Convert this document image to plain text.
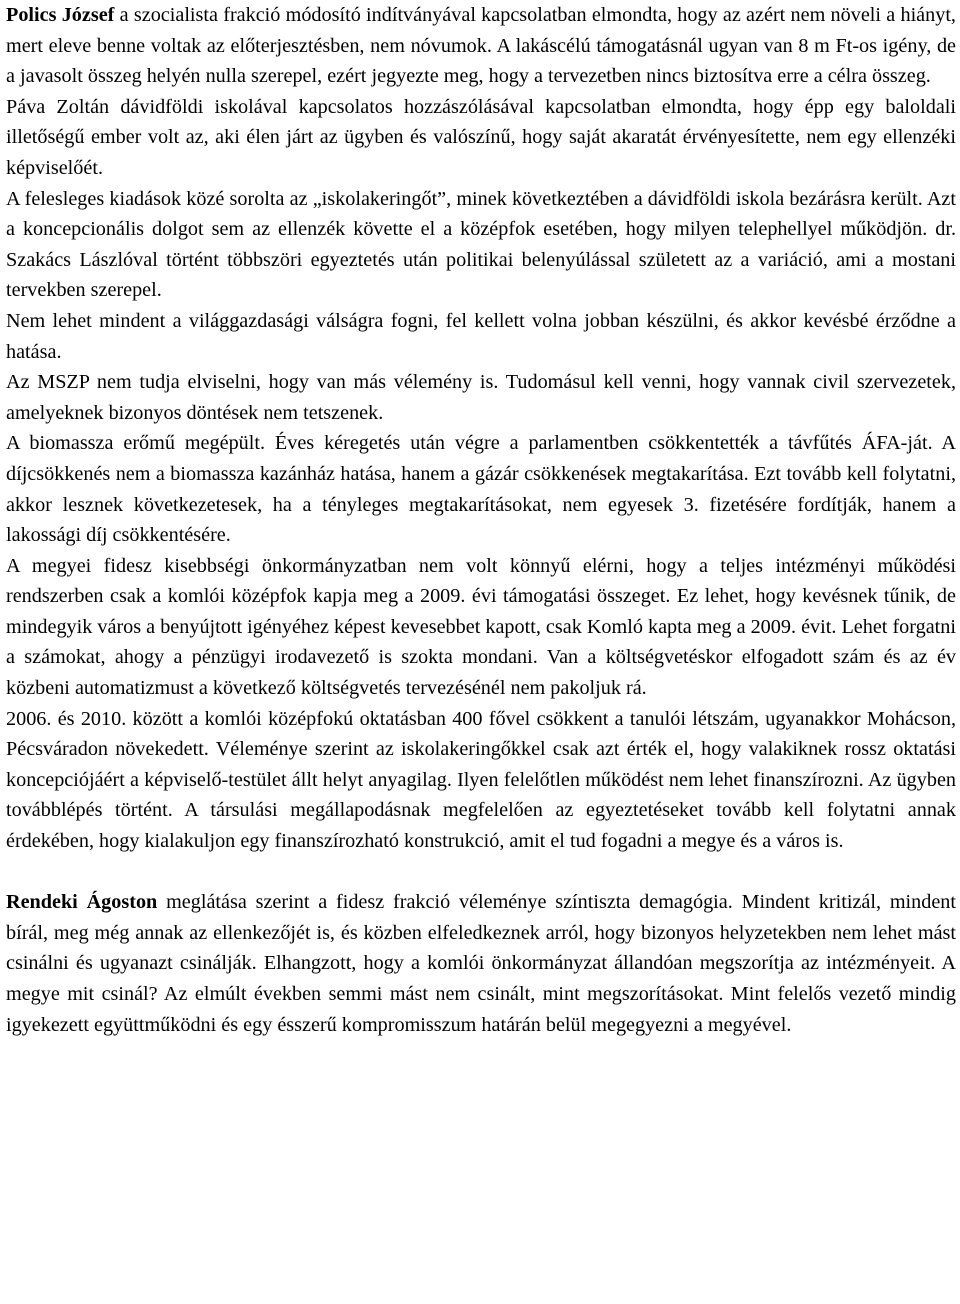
Polics József a szocialista frakció módosító indítványával kapcsolatban elmondta, hogy az azért nem növeli a hiányt, mert eleve benne voltak az előterjesztésben, nem nóvumok. A lakáscélú támogatásnál ugyan van 8 m Ft-os igény, de a javasolt összeg helyén nulla szerepel, ezért jegyezte meg, hogy a tervezetben nincs biztosítva erre a célra összeg.

Páva Zoltán dávidföldi iskolával kapcsolatos hozzászólásával kapcsolatban elmondta, hogy épp egy baloldali illetőségű ember volt az, aki élen járt az ügyben és valószínű, hogy saját akaratát érvényesítette, nem egy ellenzéki képviselőét.

A felesleges kiadások közé sorolta az „iskolakeringőt”, minek következtében a dávidföldi iskola bezárásra került. Azt a koncepcionális dolgot sem az ellenzék követte el a középfok esetében, hogy milyen telephellyel működjön. dr. Szakács Lászlóval történt többszöri egyeztetés után politikai belenyúlással született az a variáció, ami a mostani tervekben szerepel.

Nem lehet mindent a világgazdasági válságra fogni, fel kellett volna jobban készülni, és akkor kevésbé érződne a hatása.

Az MSZP nem tudja elviselni, hogy van más vélemény is. Tudomásul kell venni, hogy vannak civil szervezetek, amelyeknek bizonyos döntések nem tetszenek.

A biomassza erőmű megépült. Éves kéregetés után végre a parlamentben csökkentették a távfűtés ÁFA-ját. A díjcsökkenés nem a biomassza kazánház hatása, hanem a gázár csökkenések megtakarítása. Ezt tovább kell folytatni, akkor lesznek következetesek, ha a tényleges megtakarításokat, nem egyesek 3. fizetésére fordítják, hanem a lakossági díj csökkentésére.

A megyei fidesz kisebbségi önkormányzatban nem volt könnyű elérni, hogy a teljes intézményi működési rendszerben csak a komlói középfok kapja meg a 2009. évi támogatási összeget. Ez lehet, hogy kevésnek tűnik, de mindegyik város a benyújtott igényéhez képest kevesebbet kapott, csak Komló kapta meg a 2009. évit. Lehet forgatni a számokat, ahogy a pénzügyi irodavezető is szokta mondani. Van a költségvetéskor elfogadott szám és az év közbeni automatizmust a következő költségvetés tervezésénél nem pakoljuk rá.

2006. és 2010. között a komlói középfokú oktatásban 400 fővel csökkent a tanulói létszám, ugyanakkor Mohácson, Pécsváradon növekedett. Véleménye szerint az iskolakeringőkkel csak azt érték el, hogy valakiknek rossz oktatási koncepciójáért a képviselő-testület állt helyt anyagilag. Ilyen felelőtlen működést nem lehet finanszírozni. Az ügyben továbblépés történt. A társulási megállapodásnak megfelelően az egyeztetéseket tovább kell folytatni annak érdekében, hogy kialakuljon egy finanszírozható konstrukció, amit el tud fogadni a megye és a város is.

Rendeki Ágoston meglátása szerint a fidesz frakció véleménye színtiszta demagógia. Mindent kritizál, mindent bírál, meg még annak az ellenkezőjét is, és közben elfeledkeznek arról, hogy bizonyos helyzetekben nem lehet mást csinálni és ugyanazt csinálják. Elhangzott, hogy a komlói önkormányzat állandóan megszorítja az intézményeit. A megye mit csinál? Az elmúlt években semmi mást nem csinált, mint megszorításokat. Mint felelős vezető mindig igyekezett együttműködni és egy ésszerű kompromisszum határán belül megegyezni a megyével.
